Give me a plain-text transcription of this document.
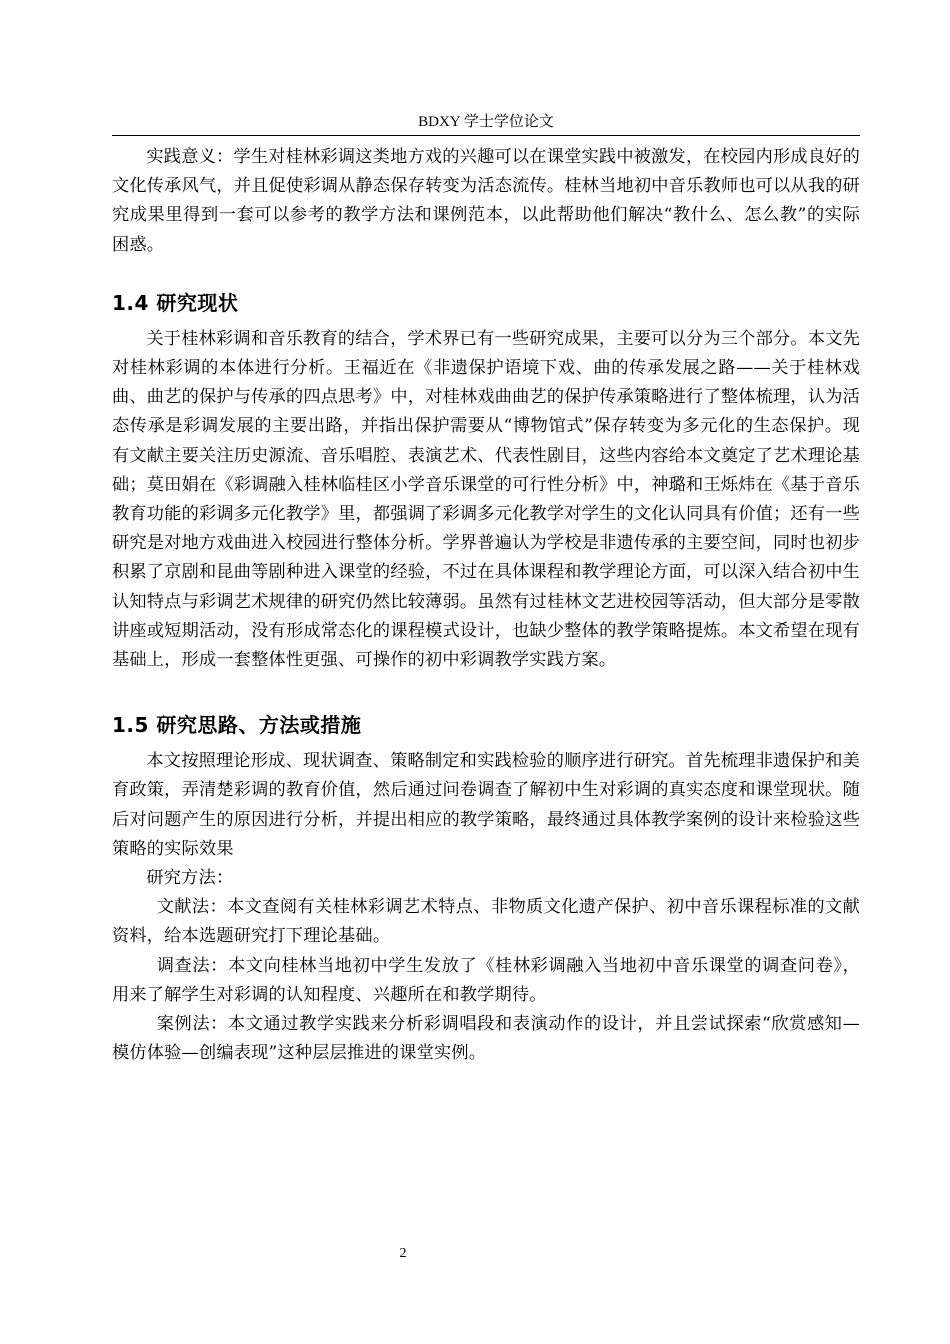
BDXY 学士学位论文

实践意义：学生对桂林彩调这类地方戏的兴趣可以在课堂实践中被激发，在校园内形成良好的文化传承风气，并且促使彩调从静态保存转变为活态流传。桂林当地初中音乐教师也可以从我的研究成果里得到一套可以参考的教学方法和课例范本，以此帮助他们解决“教什么、怎么教”的实际困惑。

1.4 研究现状

关于桂林彩调和音乐教育的结合，学术界已有一些研究成果，主要可以分为三个部分。本文先对桂林彩调的本体进行分析。王福近在《非遗保护语境下戏、曲的传承发展之路——关于桂林戏曲、曲艺的保护与传承的四点思考》中，对桂林戏曲曲艺的保护传承策略进行了整体梳理，认为活态传承是彩调发展的主要出路，并指出保护需要从“博物馆式”保存转变为多元化的生态保护。现有文献主要关注历史源流、音乐唱腔、表演艺术、代表性剧目，这些内容给本文奠定了艺术理论基础；莫田娟在《彩调融入桂林临桂区小学音乐课堂的可行性分析》中，神璐和王烁炜在《基于音乐教育功能的彩调多元化教学》里，都强调了彩调多元化教学对学生的文化认同具有价值；还有一些研究是对地方戏曲进入校园进行整体分析。学界普遍认为学校是非遗传承的主要空间，同时也初步积累了京剧和昆曲等剧种进入课堂的经验，不过在具体课程和教学理论方面，可以深入结合初中生认知特点与彩调艺术规律的研究仍然比较薄弱。虽然有过桂林文艺进校园等活动，但大部分是零散讲座或短期活动，没有形成常态化的课程模式设计，也缺少整体的教学策略提炼。本文希望在现有基础上，形成一套整体性更强、可操作的初中彩调教学实践方案。

1.5 研究思路、方法或措施

本文按照理论形成、现状调查、策略制定和实践检验的顺序进行研究。首先梳理非遗保护和美育政策，弄清楚彩调的教育价值，然后通过问卷调查了解初中生对彩调的真实态度和课堂现状。随后对问题产生的原因进行分析，并提出相应的教学策略，最终通过具体教学案例的设计来检验这些策略的实际效果

研究方法：

文献法：本文查阅有关桂林彩调艺术特点、非物质文化遗产保护、初中音乐课程标准的文献资料，给本选题研究打下理论基础。

调查法：本文向桂林当地初中学生发放了《桂林彩调融入当地初中音乐课堂的调查问卷》，用来了解学生对彩调的认知程度、兴趣所在和教学期待。

案例法：本文通过教学实践来分析彩调唱段和表演动作的设计，并且尝试探索“欣赏感知—模仿体验—创编表现”这种层层推进的课堂实例。

2
